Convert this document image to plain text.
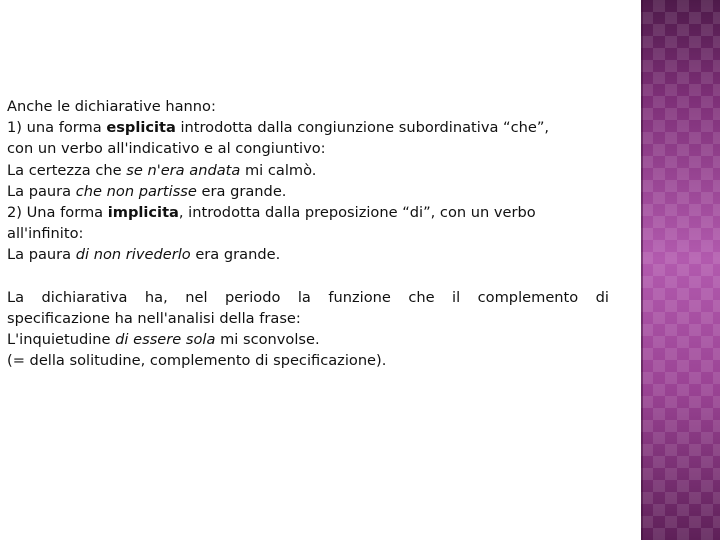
Anche le dichiarative hanno:
1) una forma esplicita introdotta dalla congiunzione subordinativa “che”,
con un verbo all'indicativo e al congiuntivo:
La certezza che se n'era andata mi calmò.
La paura che non partisse era grande.
2) Una forma implicita, introdotta dalla preposizione “di”, con un verbo
all'infinito:
La paura di non rivederlo era grande.
La dichiarativa ha, nel periodo la funzione che il complemento di
specificazione ha nell'analisi della frase:
L'inquietudine di essere sola mi sconvolse.
(= della solitudine, complemento di specificazione).
